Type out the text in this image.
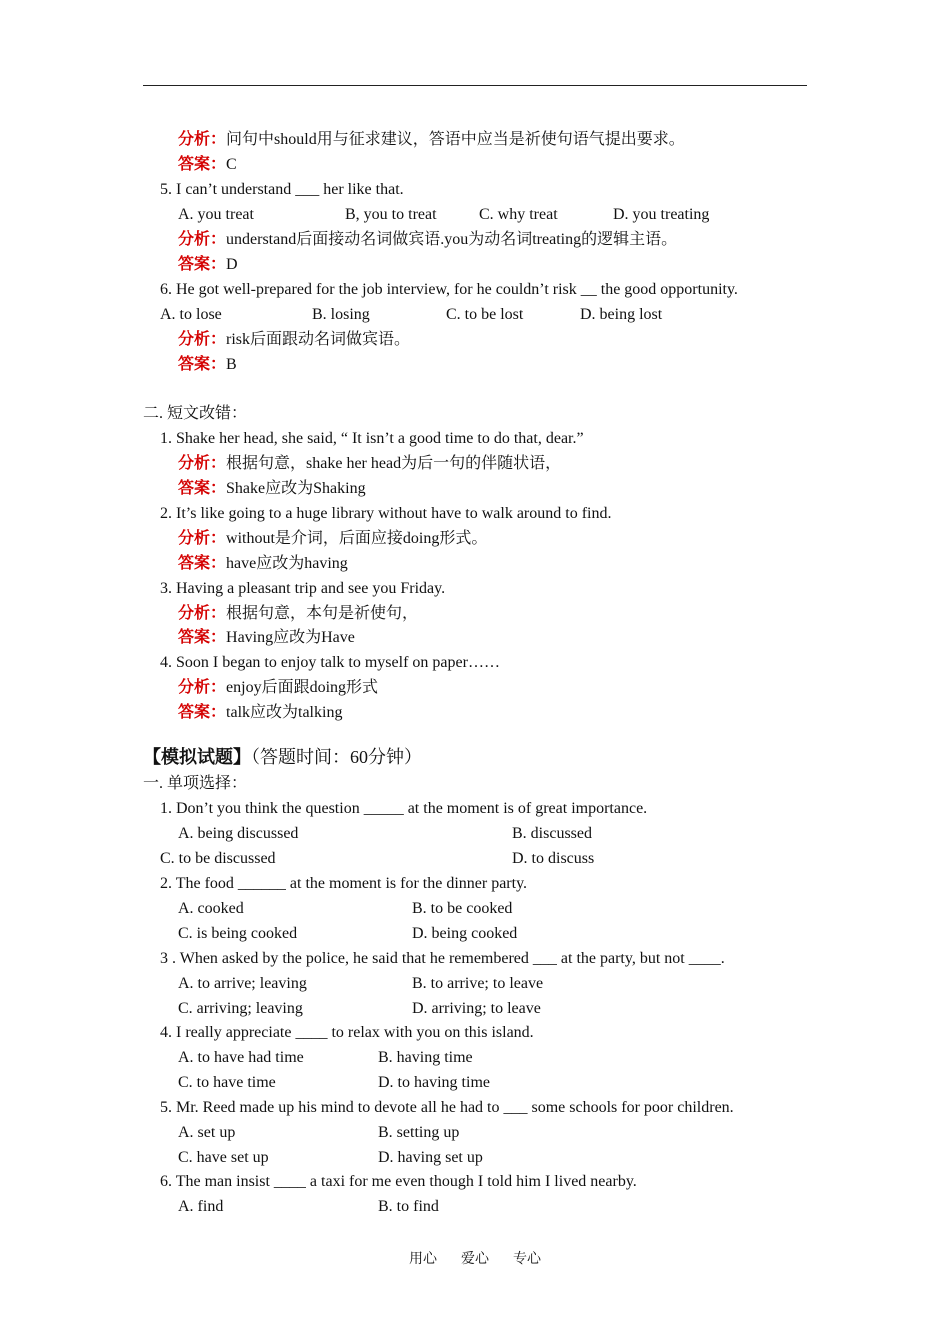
分析：问句中should用与征求建议，答语中应当是祈使句语气提出要求。
答案：C
5. I can’t understand ___ her like that.
A. you treat	B, you to treat	C. why treat	D. you treating
分析：understand后面接动名词做宾语.you为动名词treating的逻辑主语。
答案：D
6. He got well-prepared for the job interview, for he couldn’t risk __ the good opportunity.
A. to lose	B. losing	C. to be lost	D. being lost
分析：risk后面跟动名词做宾语。
答案：B
二. 短文改错：
1. Shake her head, she said, “ It isn’t a good time to do that, dear.”
分析：根据句意，shake her head为后一句的伴随状语，
答案：Shake应改为Shaking
2. It’s like going to a huge library without have to walk around to find.
分析：without是介词，后面应接doing形式。
答案：have应改为having
3. Having a pleasant trip and see you Friday.
分析：根据句意，本句是祈使句，
答案：Having应改为Have
4. Soon I began to enjoy talk to myself on paper……
分析：enjoy后面跟doing形式
答案：talk应改为talking
【模拟试题】（答题时间：60分钟）
一. 单项选择：
1. Don’t you think the question _____ at the moment is of great importance.
A. being discussed	B. discussed
C. to be discussed	D. to discuss
2. The food ______ at the moment is for the dinner party.
A. cooked	B. to be cooked
C. is being cooked	D. being cooked
3 . When asked by the police, he said that he remembered ___ at the party, but not ____.
A. to arrive; leaving	B. to arrive; to leave
C. arriving; leaving	D. arriving; to leave
4. I really appreciate ____ to relax with you on this island.
A. to have had time	B. having time
C. to have time	D. to having time
5. Mr. Reed made up his mind to devote all he had to ___ some schools for poor children.
A. set up	B. setting up
C. have set up	D. having set up
6. The man insist ____ a taxi for me even though I told him I lived nearby.
A. find	B. to find
用心 爱心 专心
